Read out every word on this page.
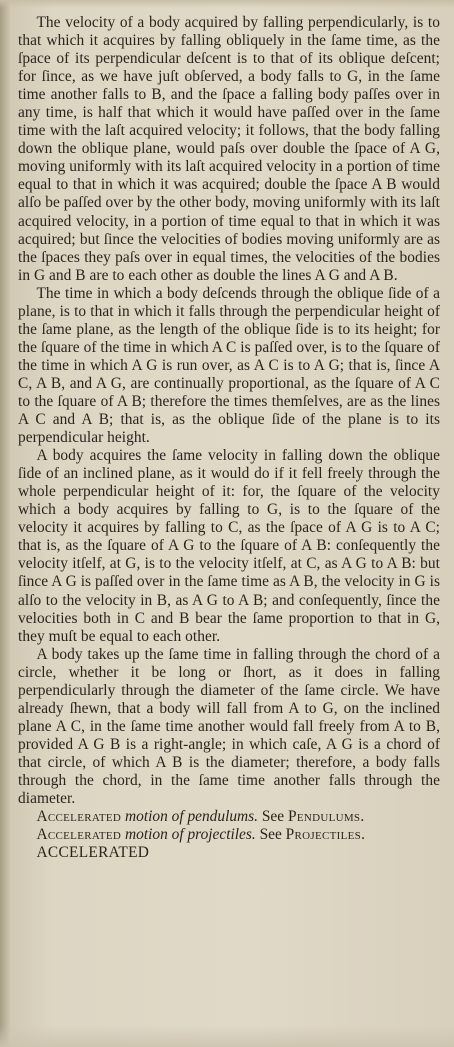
The velocity of a body acquired by falling perpendicularly, is to that which it acquires by falling obliquely in the ſame time, as the ſpace of its perpendicular deſcent is to that of its oblique deſcent; for ſince, as we have juſt obſerved, a body falls to G, in the ſame time another falls to B, and the ſpace a falling body paſſes over in any time, is half that which it would have paſſed over in the ſame time with the laſt acquired velocity; it follows, that the body falling down the oblique plane, would paſs over double the ſpace of A G, moving uniformly with its laſt acquired velocity in a portion of time equal to that in which it was acquired; double the ſpace A B would alſo be paſſed over by the other body, moving uniformly with its laſt acquired velocity, in a portion of time equal to that in which it was acquired; but ſince the velocities of bodies moving uniformly are as the ſpaces they paſs over in equal times, the velocities of the bodies in G and B are to each other as double the lines A G and A B.

The time in which a body deſcends through the oblique ſide of a plane, is to that in which it falls through the perpendicular height of the ſame plane, as the length of the oblique ſide is to its height; for the ſquare of the time in which A C is paſſed over, is to the ſquare of the time in which A G is run over, as A C is to A G; that is, ſince A C, A B, and A G, are continually proportional, as the ſquare of A C to the ſquare of A B; therefore the times themſelves, are as the lines A C and A B; that is, as the oblique ſide of the plane is to its perpendicular height.

A body acquires the ſame velocity in falling down the oblique ſide of an inclined plane, as it would do if it fell freely through the whole perpendicular height of it: for, the ſquare of the velocity which a body acquires by falling to G, is to the ſquare of the velocity it acquires by falling to C, as the ſpace of A G is to A C; that is, as the ſquare of A G to the ſquare of A B: conſequently the velocity itſelf, at G, is to the velocity itſelf, at C, as A G to A B: but ſince A G is paſſed over in the ſame time as A B, the velocity in G is alſo to the velocity in B, as A G to A B; and conſequently, ſince the velocities both in C and B bear the ſame proportion to that in G, they muſt be equal to each other.

A body takes up the ſame time in falling through the chord of a circle, whether it be long or ſhort, as it does in falling perpendicularly through the diameter of the ſame circle. We have already ſhewn, that a body will fall from A to G, on the inclined plane A C, in the ſame time another would fall freely from A to B, provided A G B is a right-angle; in which caſe, A G is a chord of that circle, of which A B is the diameter; therefore, a body falls through the chord, in the ſame time another falls through the diameter.

Accelerated motion of pendulums. See Pendulums.

Accelerated motion of projectiles. See Projectiles.

ACCELERATED
